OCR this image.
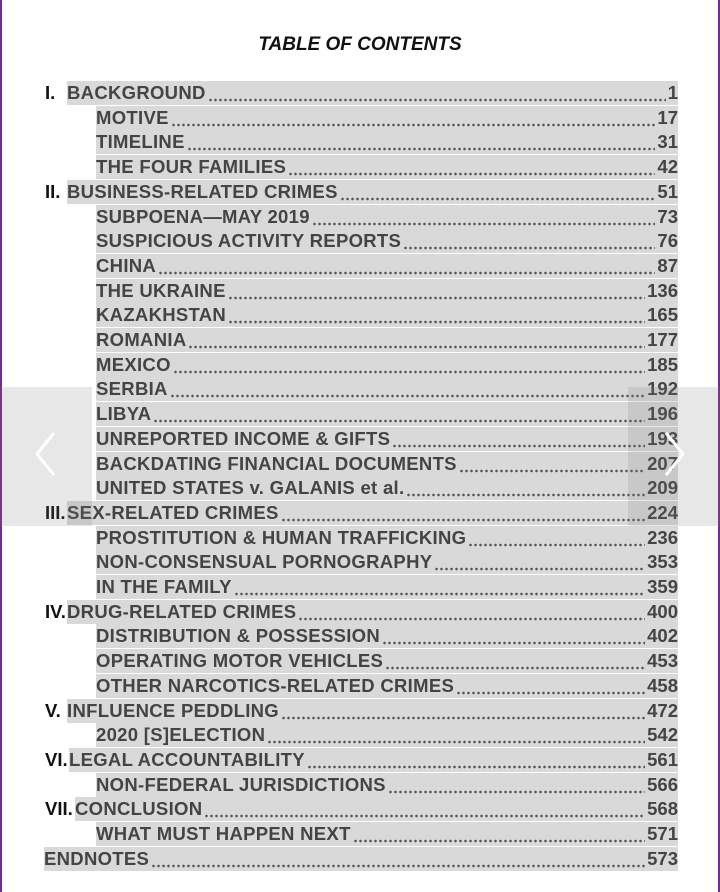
TABLE OF CONTENTS
I. BACKGROUND	1
MOTIVE	17
TIMELINE	31
THE FOUR FAMILIES	42
II. BUSINESS-RELATED CRIMES	51
SUBPOENA—MAY 2019	73
SUSPICIOUS ACTIVITY REPORTS	76
CHINA	87
THE UKRAINE	136
KAZAKHSTAN	165
ROMANIA	177
MEXICO	185
SERBIA	192
LIBYA	196
UNREPORTED INCOME & GIFTS	193
BACKDATING FINANCIAL DOCUMENTS	207
UNITED STATES v. GALANIS et al.	209
III. SEX-RELATED CRIMES	224
PROSTITUTION & HUMAN TRAFFICKING	236
NON-CONSENSUAL PORNOGRAPHY	353
IN THE FAMILY	359
IV. DRUG-RELATED CRIMES	400
DISTRIBUTION & POSSESSION	402
OPERATING MOTOR VEHICLES	453
OTHER NARCOTICS-RELATED CRIMES	458
V. INFLUENCE PEDDLING	472
2020 [S]ELECTION	542
VI. LEGAL ACCOUNTABILITY	561
NON-FEDERAL JURISDICTIONS	566
VII. CONCLUSION	568
WHAT MUST HAPPEN NEXT	571
ENDNOTES	573
